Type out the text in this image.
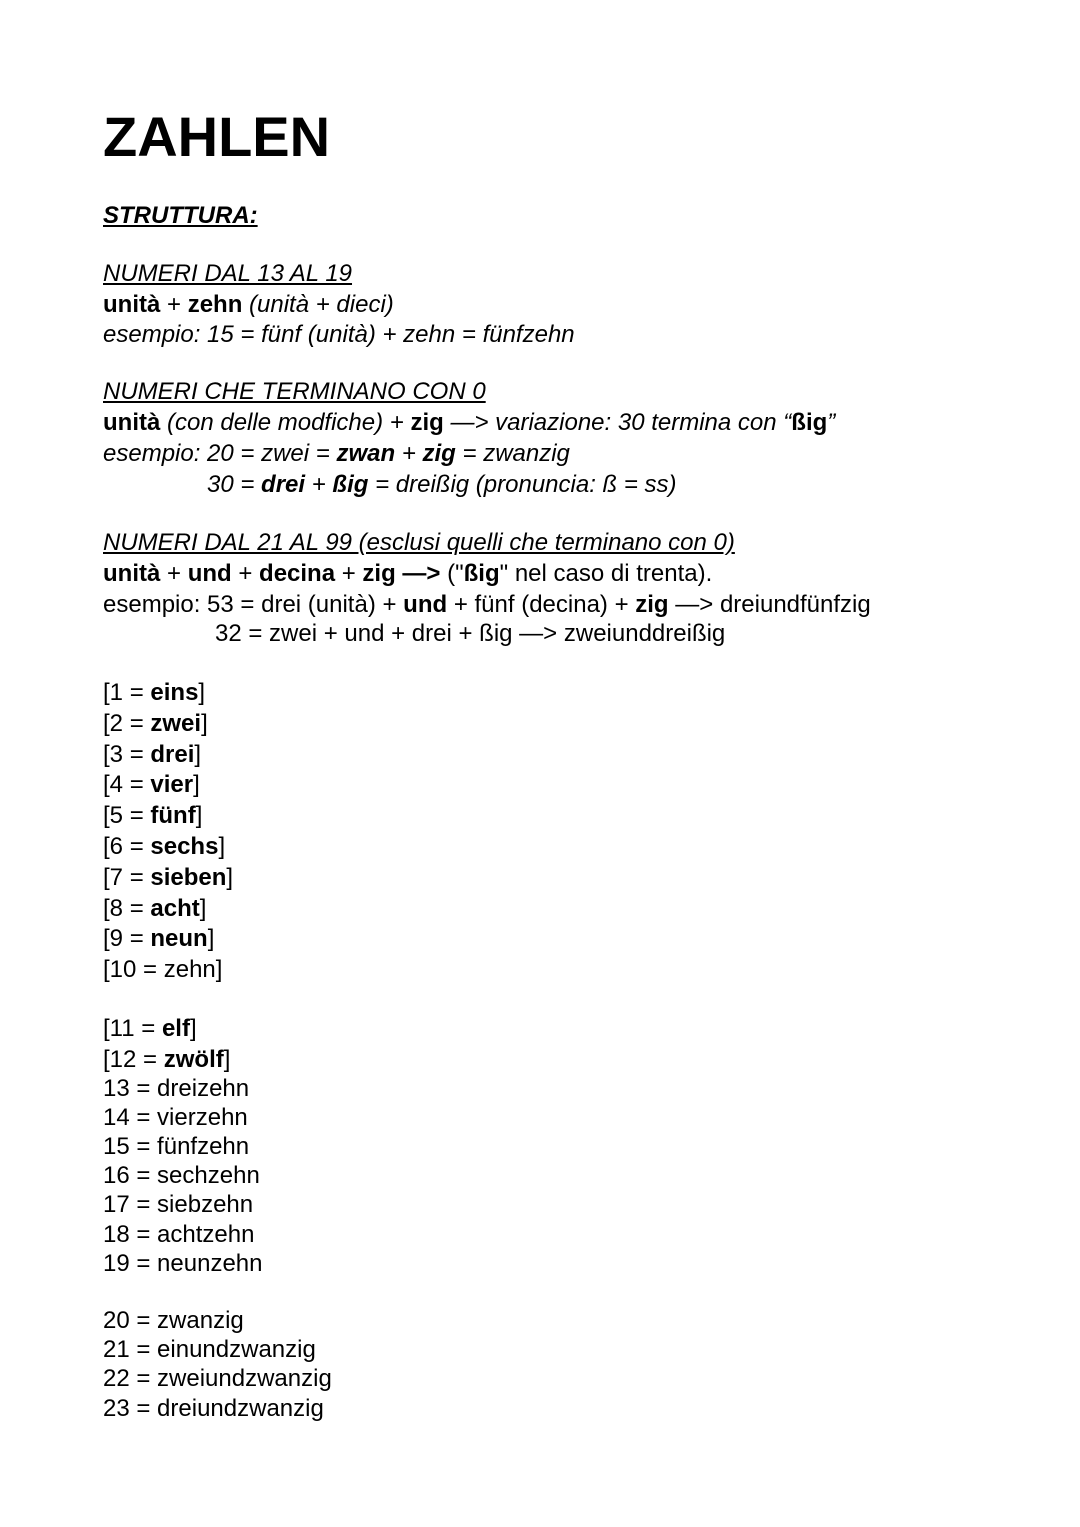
ZAHLEN
STRUTTURA:
NUMERI DAL 13 AL 19
unità + zehn (unità + dieci)
esempio: 15 = fünf (unità) + zehn = fünfzehn
NUMERI CHE TERMINANO CON 0
unità (con delle modfiche) + zig —> variazione: 30 termina con “ßig”
esempio: 20 = zwei = zwan + zig = zwanzig
30 = drei + ßig = dreißig (pronuncia: ß = ss)
NUMERI DAL 21 AL 99 (esclusi quelli che terminano con 0)
unità + und + decina + zig —> ("ßig" nel caso di trenta).
esempio: 53 = drei (unità) + und + fünf (decina) + zig —> dreiundfünfzig
32 = zwei + und + drei + ßig —> zweiunddreißig
[1 = eins]
[2 = zwei]
[3 = drei]
[4 = vier]
[5 = fünf]
[6 = sechs]
[7 = sieben]
[8 = acht]
[9 = neun]
[10 = zehn]
[11 = elf]
[12 = zwölf]
13 = dreizehn
14 = vierzehn
15 = fünfzehn
16 = sechzehn
17 = siebzehn
18 = achtzehn
19 = neunzehn
20 = zwanzig
21 = einundzwanzig
22 = zweiundzwanzig
23 = dreiundzwanzig
